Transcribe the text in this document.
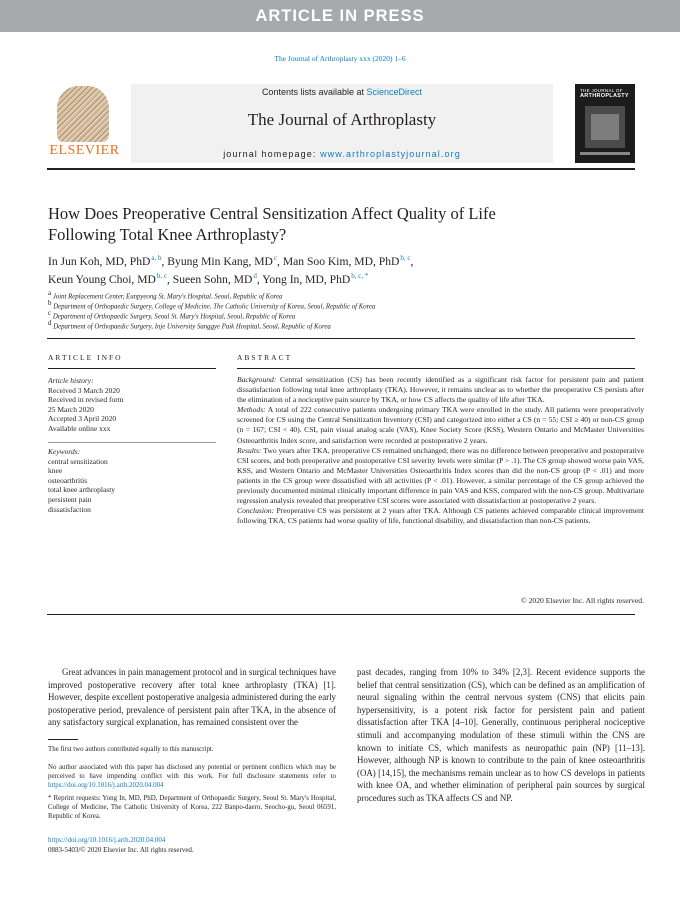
ARTICLE IN PRESS
The Journal of Arthroplasty xxx (2020) 1–6
ELSEVIER
Contents lists available at ScienceDirect
The Journal of Arthroplasty
journal homepage: www.arthroplastyjournal.org
THE JOURNAL OF
ARTHROPLASTY
How Does Preoperative Central Sensitization Affect Quality of Life
Following Total Knee Arthroplasty?
In Jun Koh, MD, PhD $^{a, b}$, Byung Min Kang, MD $^c$, Man Soo Kim, MD, PhD $^{b, c}$,
Keun Young Choi, MD $^{b, c}$, Sueen Sohn, MD $^d$, Yong In, MD, PhD $^{b, c, *}$
$^a$ Joint Replacement Center, Eunpyeong St. Mary's Hospital, Seoul, Republic of Korea
$^b$ Department of Orthopaedic Surgery, College of Medicine, The Catholic University of Korea, Seoul, Republic of Korea
$^c$ Department of Orthopaedic Surgery, Seoul St. Mary's Hospital, Seoul, Republic of Korea
$^d$ Department of Orthopaedic Surgery, Inje University Sanggye Paik Hospital, Seoul, Republic of Korea
ARTICLE INFO
Article history:
Received 3 March 2020
Received in revised form
25 March 2020
Accepted 3 April 2020
Available online xxx
Keywords:
central sensitization
knee
osteoarthritis
total knee arthroplasty
persistent pain
dissatisfaction
ABSTRACT

Background: Central sensitization (CS) has been recently identified as a significant risk factor for persistent pain and patient dissatisfaction following total knee arthroplasty (TKA). However, it remains unclear as to whether the preoperative CS persists after the elimination of a nociceptive pain source by TKA, or how CS affects the quality of life after TKA.

Methods: A total of 222 consecutive patients undergoing primary TKA were enrolled in the study. All patients were preoperatively screened for CS using the Central Sensitization Inventory (CSI) and categorized into either a CS (n = 55; CSI ≥ 40) or non-CS group (n = 167; CSI < 40). CSI, pain visual analog scale (VAS), Knee Society Score (KSS), Western Ontario and McMaster Universities Osteoarthritis Index score, and satisfaction were recorded at postoperative 2 years.

Results: Two years after TKA, preoperative CS remained unchanged; there was no difference between preoperative and postoperative CSI scores, and both preoperative and postoperative CSI severity levels were similar (P > .1). The CS group showed worse pain VAS, KSS, and Western Ontario and McMaster Universities Osteoarthritis Index scores than did the non-CS group (P < .01) and more patients in the CS group were dissatisfied with all activities (P < .01). However, a similar percentage of the CS group achieved the previously documented minimal clinically important difference in pain VAS and KSS, compared with the non-CS group. Multivariate regression analysis revealed that preoperative CSI scores were associated with dissatisfaction at postoperative 2 years.

Conclusion: Preoperative CS was persistent at 2 years after TKA. Although CS patients achieved comparable clinical improvement following TKA, CS patients had worse quality of life, functional disability, and dissatisfaction than non-CS patients.

© 2020 Elsevier Inc. All rights reserved.
Great advances in pain management protocol and in surgical techniques have improved postoperative recovery after total knee arthroplasty (TKA) [1]. However, despite excellent postoperative analgesia administered during the early postoperative period, prevalence of persistent pain after TKA, in the absence of any satisfactory surgical explanation, has remained consistent over the
past decades, ranging from 10% to 34% [2,3]. Recent evidence supports the belief that central sensitization (CS), which can be defined as an amplification of neural signaling within the central nervous system (CNS) that elicits pain hypersensitivity, is a potent risk factor for persistent pain and patient dissatisfaction after TKA [4–10]. Generally, continuous peripheral nociceptive stimuli and accompanying modulation of these stimuli within the CNS are known to initiate CS, which manifests as neuropathic pain (NP) [11–13]. However, although NP is known to contribute to the pain of knee osteoarthritis (OA) [14,15], the mechanisms remain unclear as to how CS develops in patients with knee OA, and whether elimination of peripheral pain sources by surgical procedures such as TKA affects CS and NP.
The first two authors contributed equally to this manuscript.
No author associated with this paper has disclosed any potential or pertinent conflicts which may be perceived to have impending conflict with this work. For full disclosure statements refer to https://doi.org/10.1016/j.arth.2020.04.004
* Reprint requests: Yong In, MD, PhD, Department of Orthopaedic Surgery, Seoul St. Mary's Hospital, College of Medicine, The Catholic University of Korea, 222 Banpo-daero, Seocho-gu, Seoul 06591, Republic of Korea.
https://doi.org/10.1016/j.arth.2020.04.004
0883-5403/© 2020 Elsevier Inc. All rights reserved.
